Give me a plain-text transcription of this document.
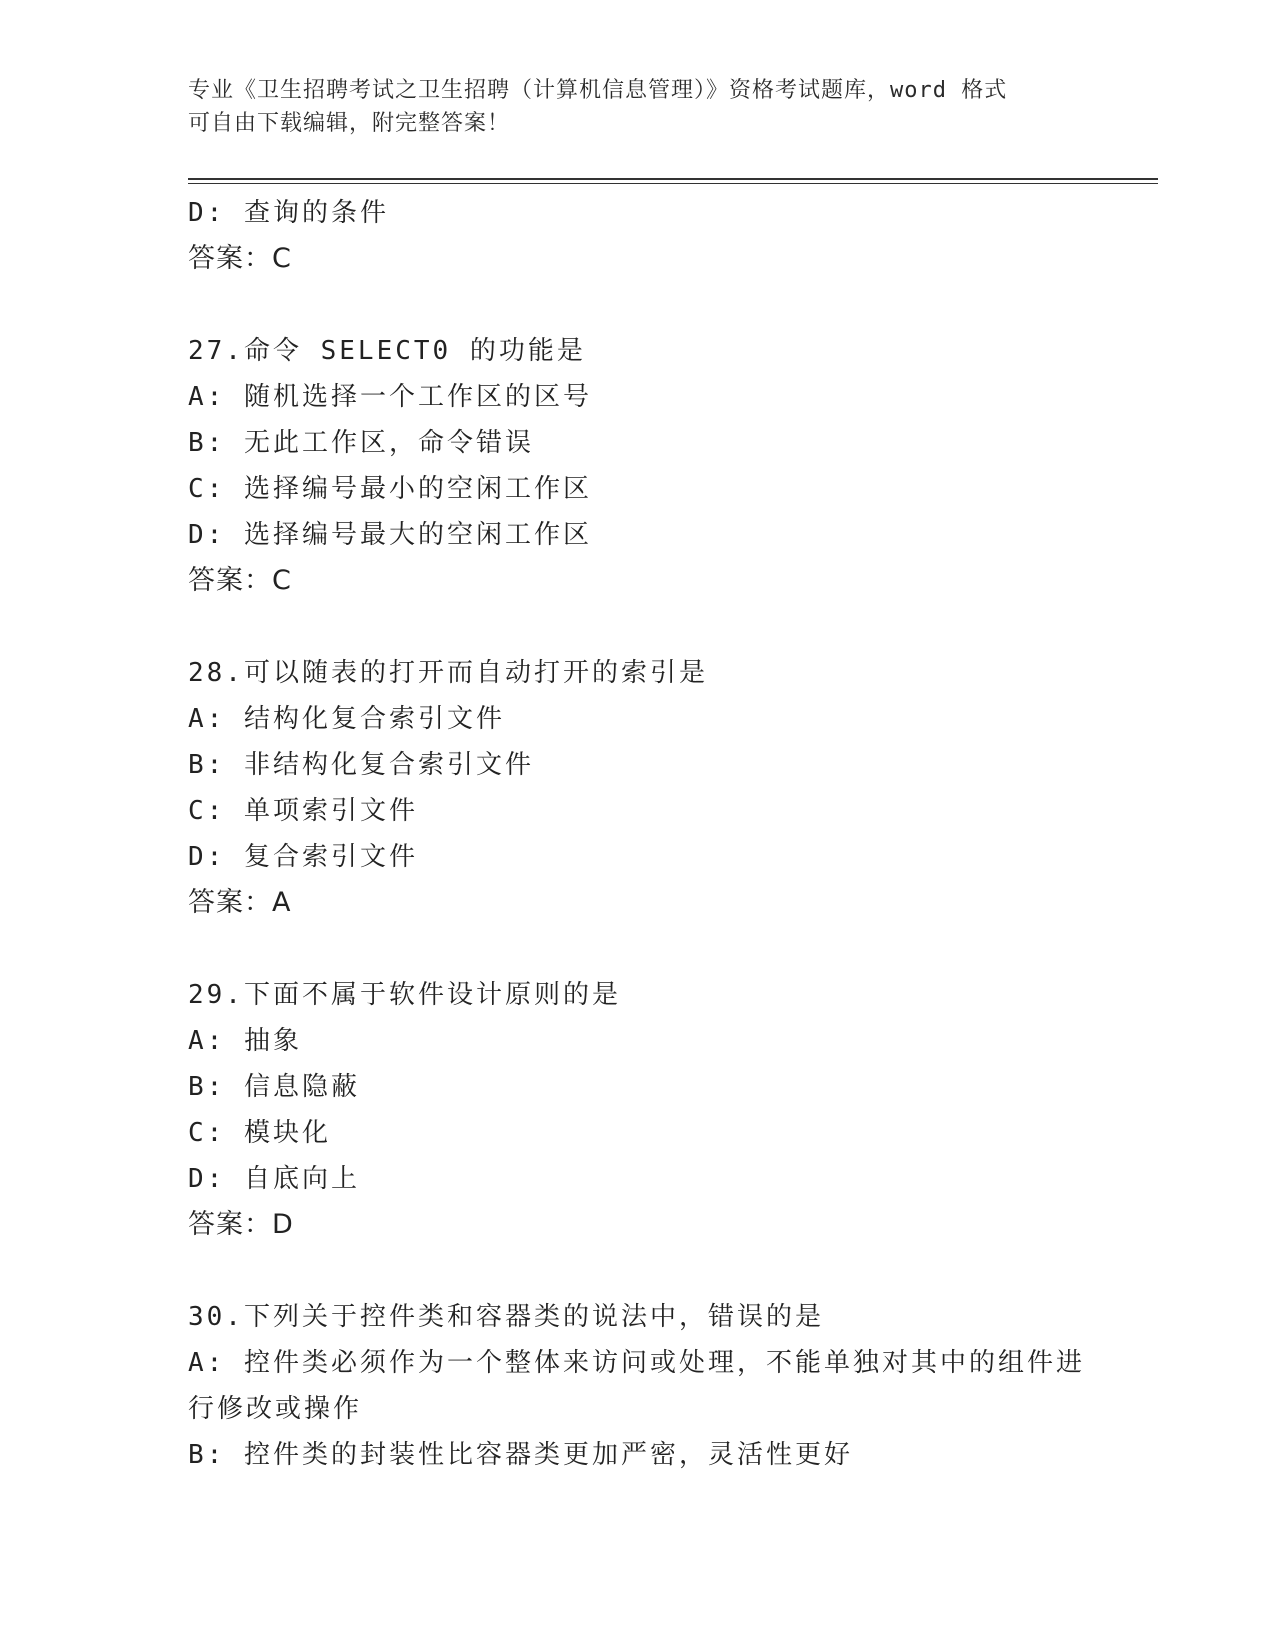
专业《卫生招聘考试之卫生招聘（计算机信息管理）》资格考试题库，word 格式
可自由下载编辑，附完整答案！
D: 查询的条件
答案：C
27.命令 SELECT0 的功能是
A: 随机选择一个工作区的区号
B: 无此工作区，命令错误
C: 选择编号最小的空闲工作区
D: 选择编号最大的空闲工作区
答案：C
28.可以随表的打开而自动打开的索引是
A: 结构化复合索引文件
B: 非结构化复合索引文件
C: 单项索引文件
D: 复合索引文件
答案：A
29.下面不属于软件设计原则的是
A: 抽象
B: 信息隐蔽
C: 模块化
D: 自底向上
答案：D
30.下列关于控件类和容器类的说法中，错误的是
A: 控件类必须作为一个整体来访问或处理，不能单独对其中的组件进
行修改或操作
B: 控件类的封装性比容器类更加严密，灵活性更好
